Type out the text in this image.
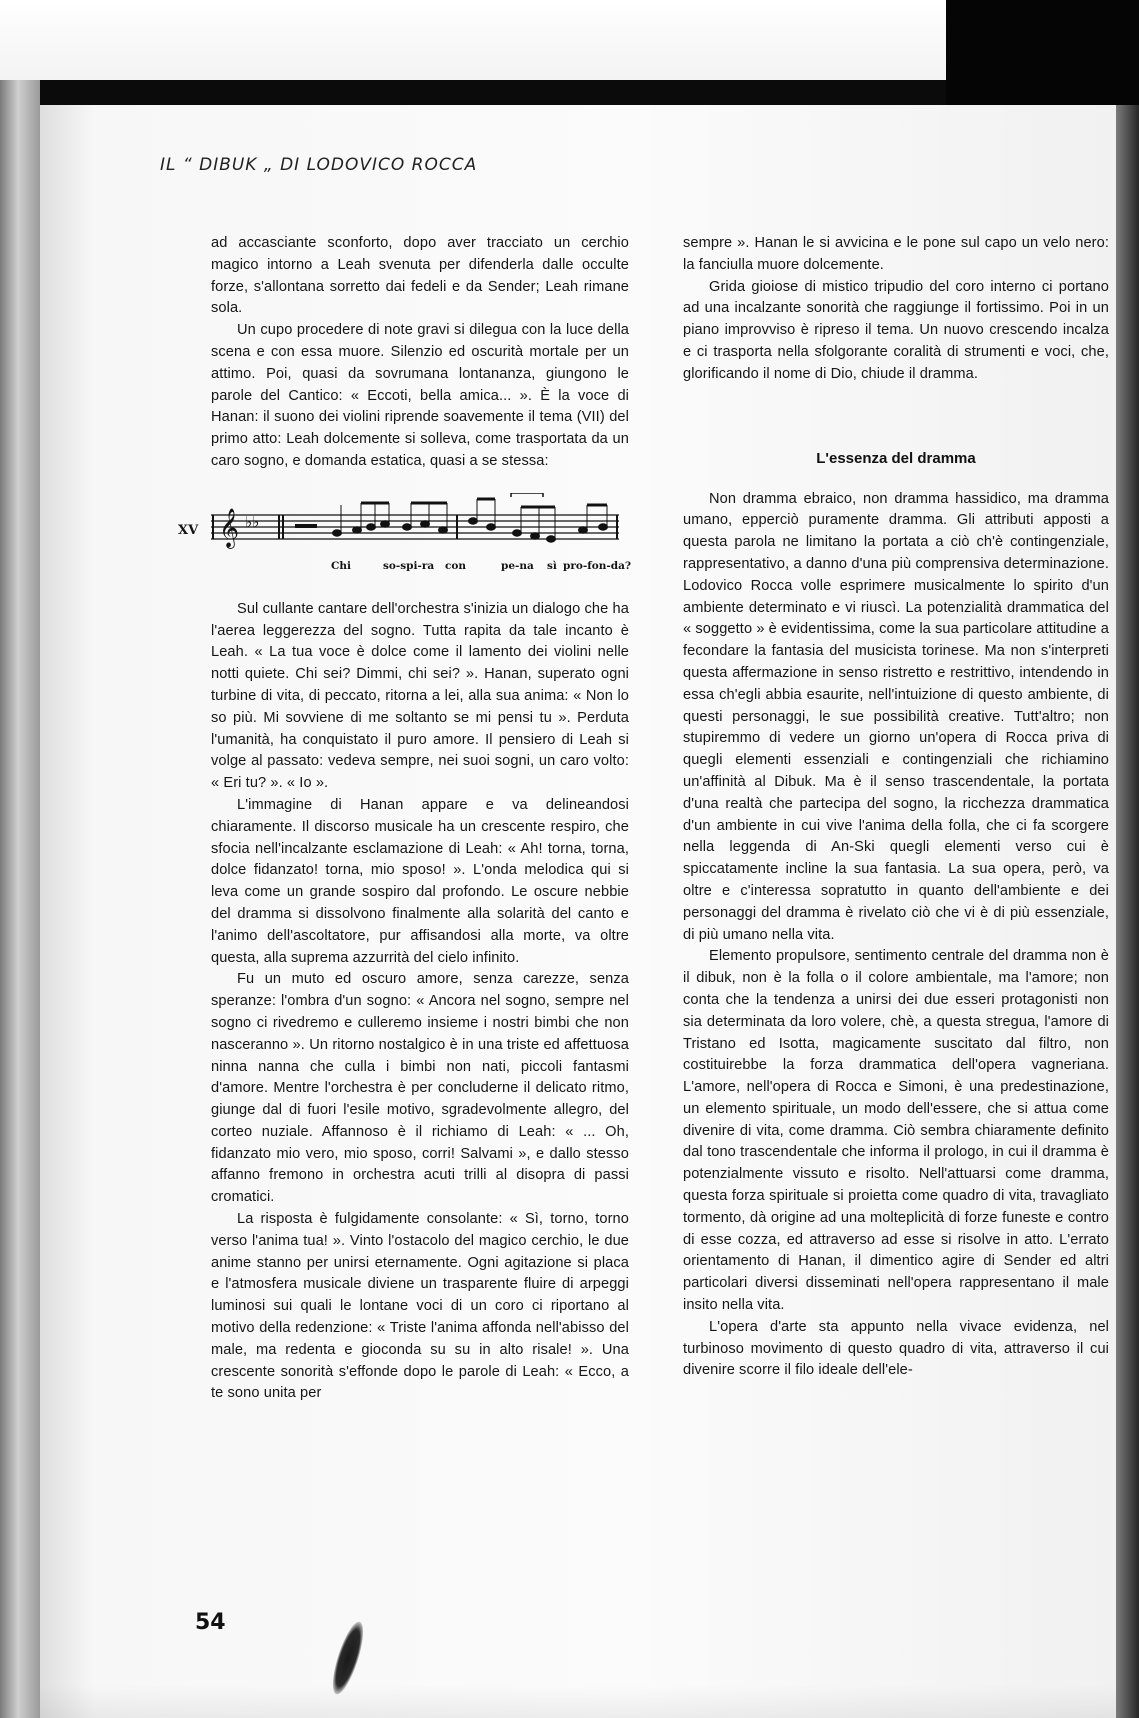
IL “ DIBUK „ DI LODOVICO ROCCA

ad accasciante sconforto, dopo aver tracciato un cerchio magico intorno a Leah svenuta per difenderla dalle occulte forze, s'allontana sorretto dai fedeli e da Sender; Leah rimane sola.

Un cupo procedere di note gravi si dilegua con la luce della scena e con essa muore. Silenzio ed oscurità mortale per un attimo. Poi, quasi da sovrumana lontananza, giungono le parole del Cantico: « Eccoti, bella amica... ». È la voce di Hanan: il suono dei violini riprende soavemente il tema (VII) del primo atto: Leah dolcemente si solleva, come trasportata da un caro sogno, e domanda estatica, quasi a se stessa:

XV 𝄞 ♭♭
Chi	so-spi-ra con	pe-na sì pro-fon-da?

Sul cullante cantare dell'orchestra s'inizia un dialogo che ha l'aerea leggerezza del sogno. Tutta rapita da tale incanto è Leah. « La tua voce è dolce come il lamento dei violini nelle notti quiete. Chi sei? Dimmi, chi sei? ». Hanan, superato ogni turbine di vita, di peccato, ritorna a lei, alla sua anima: « Non lo so più. Mi sovviene di me soltanto se mi pensi tu ». Perduta l'umanità, ha conquistato il puro amore. Il pensiero di Leah si volge al passato: vedeva sempre, nei suoi sogni, un caro volto: « Eri tu? ». « Io ».

L'immagine di Hanan appare e va delineandosi chiaramente. Il discorso musicale ha un crescente respiro, che sfocia nell'incalzante esclamazione di Leah: « Ah! torna, torna, dolce fidanzato! torna, mio sposo! ». L'onda melodica qui si leva come un grande sospiro dal profondo. Le oscure nebbie del dramma si dissolvono finalmente alla solarità del canto e l'animo dell'ascoltatore, pur affisandosi alla morte, va oltre questa, alla suprema azzurrità del cielo infinito.

Fu un muto ed oscuro amore, senza carezze, senza speranze: l'ombra d'un sogno: « Ancora nel sogno, sempre nel sogno ci rivedremo e culleremo insieme i nostri bimbi che non nasceranno ». Un ritorno nostalgico è in una triste ed affettuosa ninna nanna che culla i bimbi non nati, piccoli fantasmi d'amore. Mentre l'orchestra è per concluderne il delicato ritmo, giunge dal di fuori l'esile motivo, sgradevolmente allegro, del corteo nuziale. Affannoso è il richiamo di Leah: « ... Oh, fidanzato mio vero, mio sposo, corri! Salvami », e dallo stesso affanno fremono in orchestra acuti trilli al disopra di passi cromatici.

La risposta è fulgidamente consolante: « Sì, torno, torno verso l'anima tua! ». Vinto l'ostacolo del magico cerchio, le due anime stanno per unirsi eternamente. Ogni agitazione si placa e l'atmosfera musicale diviene un trasparente fluire di arpeggi luminosi sui quali le lontane voci di un coro ci riportano al motivo della redenzione: « Triste l'anima affonda nell'abisso del male, ma redenta e gioconda su su in alto risale! ». Una crescente sonorità s'effonde dopo le parole di Leah: « Ecco, a te sono unita per

sempre ». Hanan le si avvicina e le pone sul capo un velo nero: la fanciulla muore dolcemente.

Grida gioiose di mistico tripudio del coro interno ci portano ad una incalzante sonorità che raggiunge il fortissimo. Poi in un piano improvviso è ripreso il tema. Un nuovo crescendo incalza e ci trasporta nella sfolgorante coralità di strumenti e voci, che, glorificando il nome di Dio, chiude il dramma.

L'essenza del dramma

Non dramma ebraico, non dramma hassidico, ma dramma umano, epperciò puramente dramma. Gli attributi apposti a questa parola ne limitano la portata a ciò ch'è contingenziale, rappresentativo, a danno d'una più comprensiva determinazione. Lodovico Rocca volle esprimere musicalmente lo spirito d'un ambiente determinato e vi riuscì. La potenzialità drammatica del « soggetto » è evidentissima, come la sua particolare attitudine a fecondare la fantasia del musicista torinese. Ma non s'interpreti questa affermazione in senso ristretto e restrittivo, intendendo in essa ch'egli abbia esaurite, nell'intuizione di questo ambiente, di questi personaggi, le sue possibilità creative. Tutt'altro; non stupiremmo di vedere un giorno un'opera di Rocca priva di quegli elementi essenziali e contingenziali che richiamino un'affinità al Dibuk. Ma è il senso trascendentale, la portata d'una realtà che partecipa del sogno, la ricchezza drammatica d'un ambiente in cui vive l'anima della folla, che ci fa scorgere nella leggenda di An-Ski quegli elementi verso cui è spiccatamente incline la sua fantasia. La sua opera, però, va oltre e c'interessa sopratutto in quanto dell'ambiente e dei personaggi del dramma è rivelato ciò che vi è di più essenziale, di più umano nella vita.

Elemento propulsore, sentimento centrale del dramma non è il dibuk, non è la folla o il colore ambientale, ma l'amore; non conta che la tendenza a unirsi dei due esseri protagonisti non sia determinata da loro volere, chè, a questa stregua, l'amore di Tristano ed Isotta, magicamente suscitato dal filtro, non costituirebbe la forza drammatica dell'opera vagneriana. L'amore, nell'opera di Rocca e Simoni, è una predestinazione, un elemento spirituale, un modo dell'essere, che si attua come divenire di vita, come dramma. Ciò sembra chiaramente definito dal tono trascendentale che informa il prologo, in cui il dramma è potenzialmente vissuto e risolto. Nell'attuarsi come dramma, questa forza spirituale si proietta come quadro di vita, travagliato tormento, dà origine ad una molteplicità di forze funeste e contro di esse cozza, ed attraverso ad esse si risolve in atto. L'errato orientamento di Hanan, il dimentico agire di Sender ed altri particolari diversi disseminati nell'opera rappresentano il male insito nella vita.

L'opera d'arte sta appunto nella vivace evidenza, nel turbinoso movimento di questo quadro di vita, attraverso il cui divenire scorre il filo ideale dell'ele-

54
